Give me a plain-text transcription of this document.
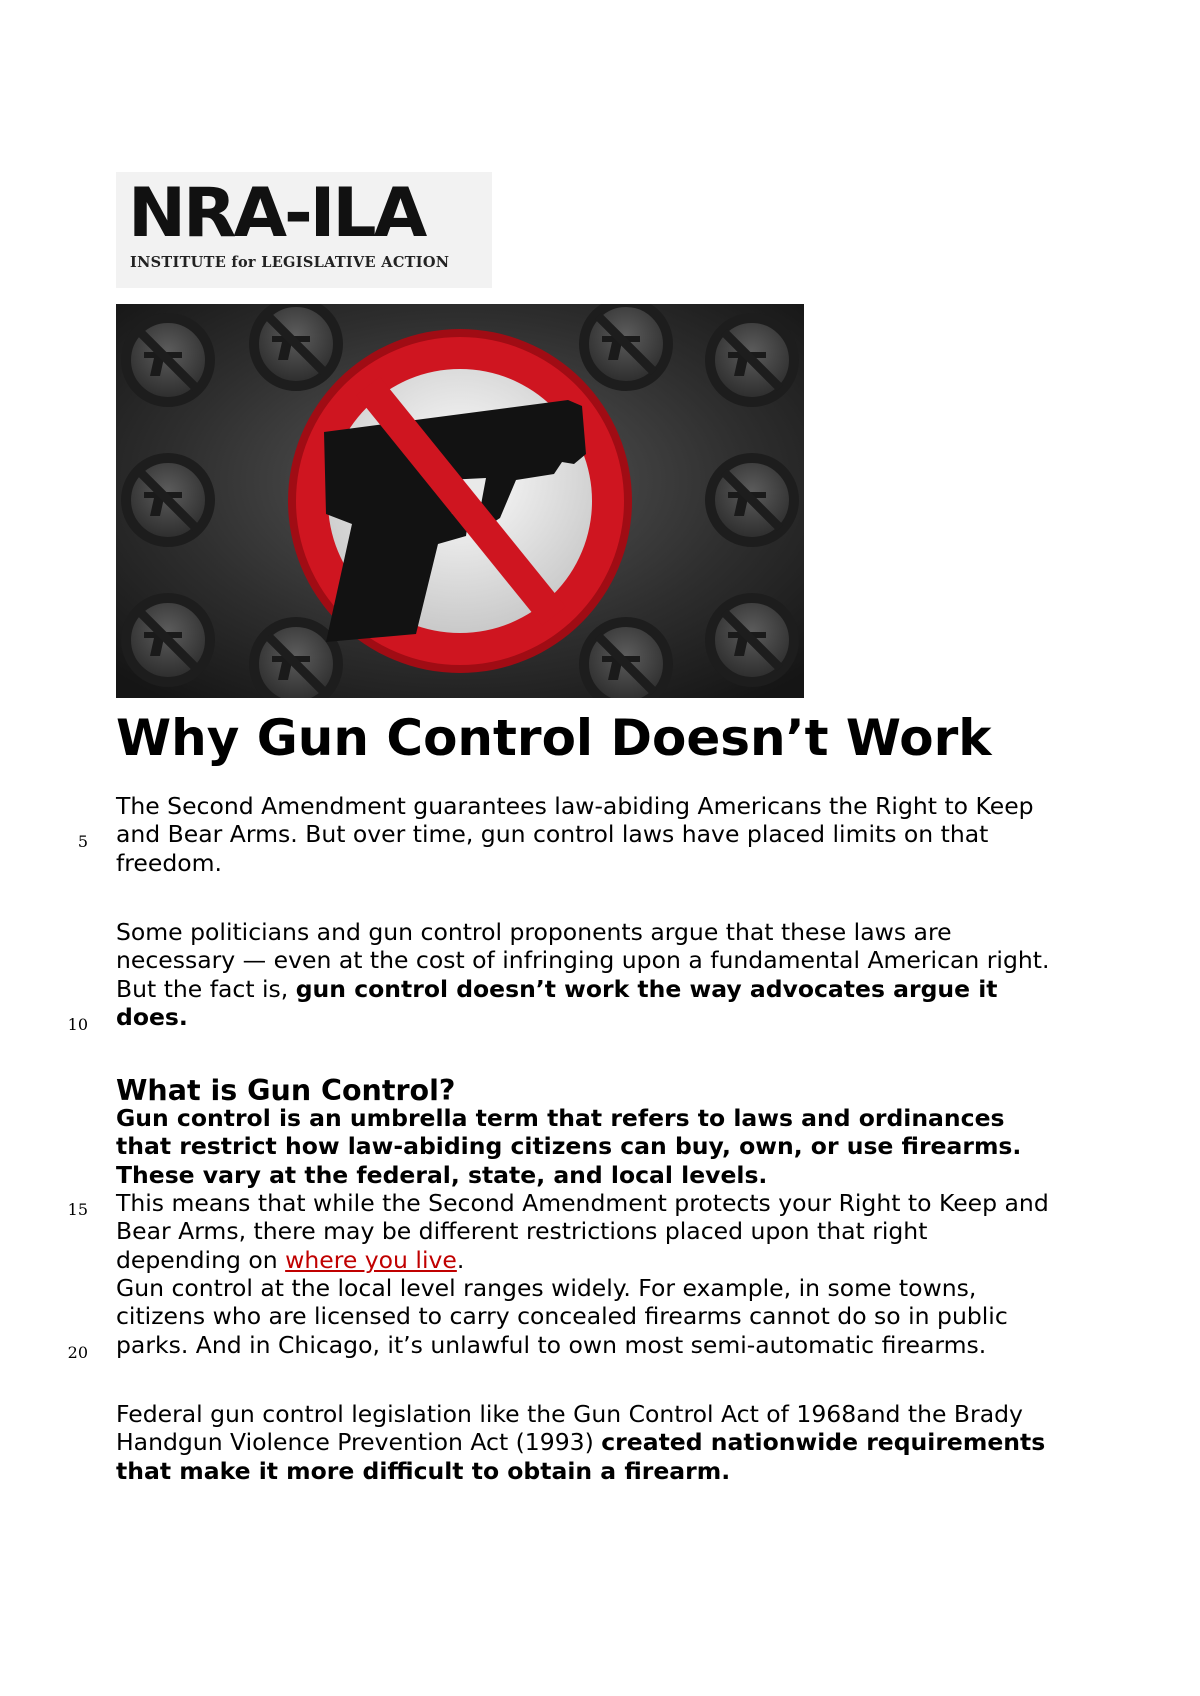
NRA-ILA
INSTITUTE for LEGISLATIVE ACTION
Why Gun Control Doesn’t Work
5
10
15
20
The Second Amendment guarantees law-abiding Americans the Right to Keep
and Bear Arms. But over time, gun control laws have placed limits on that
freedom.
Some politicians and gun control proponents argue that these laws are
necessary — even at the cost of infringing upon a fundamental American right.
But the fact is, gun control doesn’t work the way advocates argue it
does.
What is Gun Control?
Gun control is an umbrella term that refers to laws and ordinances
that restrict how law-abiding citizens can buy, own, or use firearms.
These vary at the federal, state, and local levels.
This means that while the Second Amendment protects your Right to Keep and
Bear Arms, there may be different restrictions placed upon that right
depending on where you live.
Gun control at the local level ranges widely. For example, in some towns,
citizens who are licensed to carry concealed firearms cannot do so in public
parks. And in Chicago, it’s unlawful to own most semi-automatic firearms.
Federal gun control legislation like the Gun Control Act of 1968and the Brady
Handgun Violence Prevention Act (1993) created nationwide requirements
that make it more difficult to obtain a firearm.
